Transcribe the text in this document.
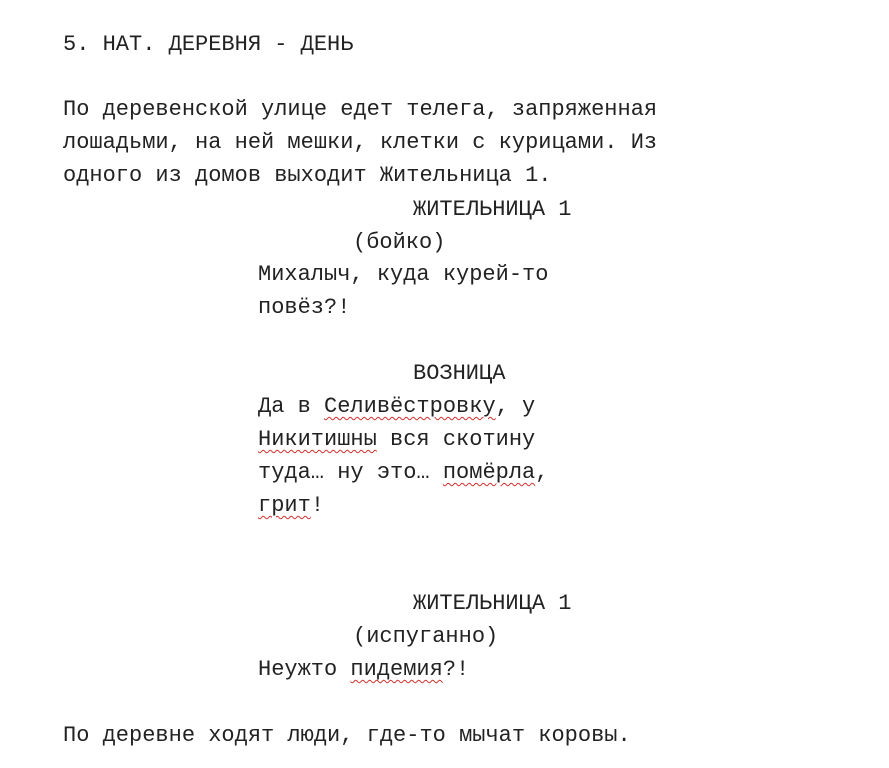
5. НАТ. ДЕРЕВНЯ - ДЕНЬ
По деревенской улице едет телега, запряженная
лошадьми, на ней мешки, клетки с курицами. Из
одного из домов выходит Жительница 1.
ЖИТЕЛЬНИЦА 1
(бойко)
Михалыч, куда курей-то
повёз?!
ВОЗНИЦА
Да в Селивёстровку, у
Никитишны вся скотину
туда… ну это… помёрла,
грит!
ЖИТЕЛЬНИЦА 1
(испуганно)
Неужто пидемия?!
По деревне ходят люди, где-то мычат коровы.
